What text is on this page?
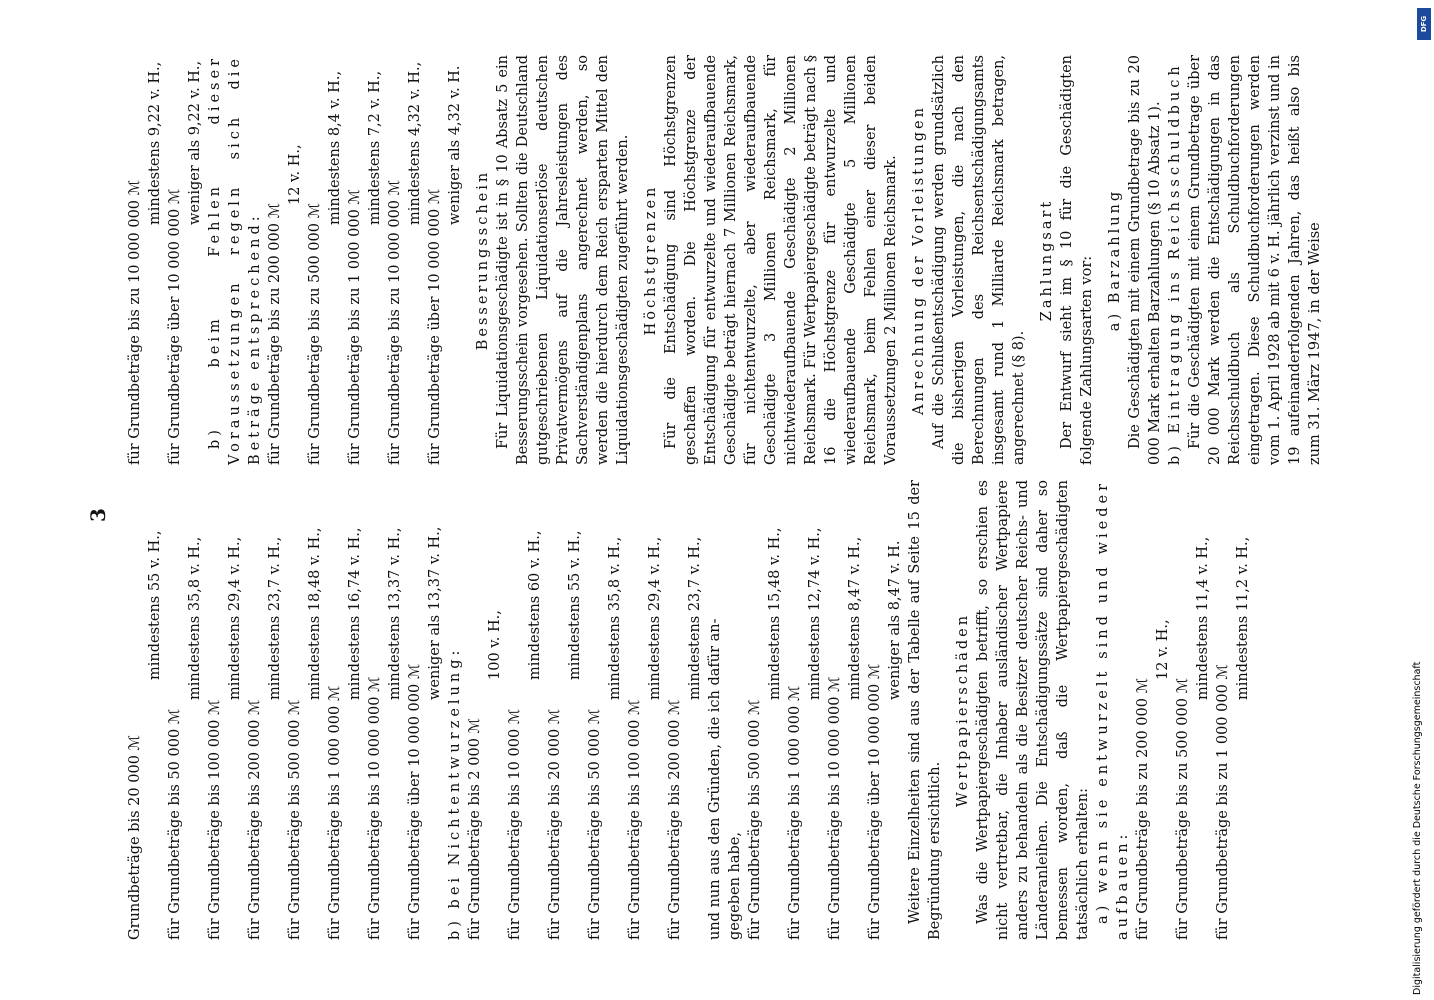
3
Grundbeträge bis 20 000 ℳ
mindestens 55 v. H.,
für Grundbeträge bis 50 000 ℳ
mindestens 35,8 v. H.,
für Grundbeträge bis 100 000 ℳ
mindestens 29,4 v. H.,
für Grundbeträge bis 200 000 ℳ
mindestens 23,7 v. H.,
für Grundbeträge bis 500 000 ℳ
mindestens 18,48 v. H.,
für Grundbeträge bis 1 000 000 ℳ
mindestens 16,74 v. H.,
für Grundbeträge bis 10 000 000 ℳ
mindestens 13,37 v. H.,
für Grundbeträge über 10 000 000 ℳ
weniger als 13,37 v. H.,
b) bei Nichtentwurzelung: für Grundbeträge bis 2 000 ℳ
100 v. H.,
für Grundbeträge bis 10 000 ℳ
mindestens 60 v. H.,
für Grundbeträge bis 20 000 ℳ
mindestens 55 v. H.,
für Grundbeträge bis 50 000 ℳ
mindestens 35,8 v. H.,
für Grundbeträge bis 100 000 ℳ
mindestens 29,4 v. H.,
für Grundbeträge bis 200 000 ℳ
mindestens 23,7 v. H.,
und nun aus den Gründen, die ich dafür an- gegeben habe, für Grundbeträge bis 500 000 ℳ
mindestens 15,48 v. H.,
für Grundbeträge bis 1 000 000 ℳ
mindestens 12,74 v. H.,
für Grundbeträge bis 10 000 000 ℳ
mindestens 8,47 v. H.,
für Grundbeträge über 10 000 000 ℳ
weniger als 8,47 v. H. Weitere Einzelheiten sind aus der Tabelle auf Seite 15 der Begründung ersichtlich.
Wertpapierschäden Was die Wertpapiergeschädigten betrifft, so erschien es nicht vertretbar, die Inhaber ausländischer Wertpapiere anders zu behandeln als die Besitzer deutscher Reichs- und Länderanleihen. Die Entschädigungssätze sind daher so bemessen worden, daß die Wertpapiergeschädigten tatsächlich erhalten: a) wenn sie entwurzelt sind und wieder aufbauen: für Grundbeträge bis zu 200 000 ℳ
12 v. H.,
für Grundbeträge bis zu 500 000 ℳ
mindestens 11,4 v. H.,
für Grundbeträge bis zu 1 000 000 ℳ
mindestens 11,2 v. H.,
für Grundbeträge bis zu 10 000 000 ℳ
mindestens 9,22 v. H.,
für Grundbeträge über 10 000 000 ℳ
weniger als 9,22 v. H., b) beim Fehlen dieser Voraussetzungen regeln sich die Beträge entsprechend: für Grundbeträge bis zu 200 000 ℳ
12 v. H.,
für Grundbeträge bis zu 500 000 ℳ
mindestens 8,4 v. H.,
für Grundbeträge bis zu 1 000 000 ℳ
mindestens 7,2 v. H.,
für Grundbeträge bis zu 10 000 000 ℳ
mindestens 4,32 v. H.,
für Grundbeträge über 10 000 000 ℳ
weniger als 4,32 v. H.
Besserungsschein Für Liquidationsgeschädigte ist in § 10 Absatz 5 ein Besserungsschein vorgesehen. Sollten die Deutschland gutgeschriebenen Liquidationserlöse deutschen Privatvermögens auf die Jahresleistungen des Sachverständigenplans angerechnet werden, so werden die hierdurch dem Reich ersparten Mittel den Liquidationsgeschädigten zugeführt werden. Höchstgrenzen Für die Entschädigung sind Höchstgrenzen geschaffen worden. Die Höchstgrenze der Entschädigung für entwurzelte und wiederaufbauende Geschädigte beträgt hiernach 7 Millionen Reichsmark, für nichtentwurzelte, aber wiederaufbauende Geschädigte 3 Millionen Reichsmark, für nichtwiederaufbauende Geschädigte 2 Millionen Reichsmark. Für Wertpapiergeschädigte beträgt nach § 16 die Höchstgrenze für entwurzelte und wiederaufbauende Geschädigte 5 Millionen Reichsmark, beim Fehlen einer dieser beiden Voraussetzungen 2 Millionen Reichsmark. Anrechnung der Vorleistungen Auf die Schlußentschädigung werden grundsätzlich die bisherigen Vorleistungen, die nach den Berechnungen des Reichsentschädigungsamts insgesamt rund 1 Milliarde Reichsmark betragen, angerechnet (§ 8).
Zahlungsart Der Entwurf sieht im § 10 für die Geschädigten folgende Zahlungsarten vor: a) Barzahlung Die Geschädigten mit einem Grundbetrage bis zu 20 000 Mark erhalten Barzahlungen (§ 10 Absatz 1). b) Eintragung ins Reichsschuldbuch Für die Geschädigten mit einem Grundbetrage über 20 000 Mark werden die Entschädigungen in das Reichsschuldbuch als Schuldbuchforderungen eingetragen. Diese Schuldbuchforderungen werden vom 1. April 1928 ab mit 6 v. H. jährlich verzinst und in 19 aufeinanderfolgenden Jahren, das heißt also bis zum 31. März 1947, in der Weise
DFG
Digitalisierung gefördert durch die Deutsche Forschungsgemeinschaft
